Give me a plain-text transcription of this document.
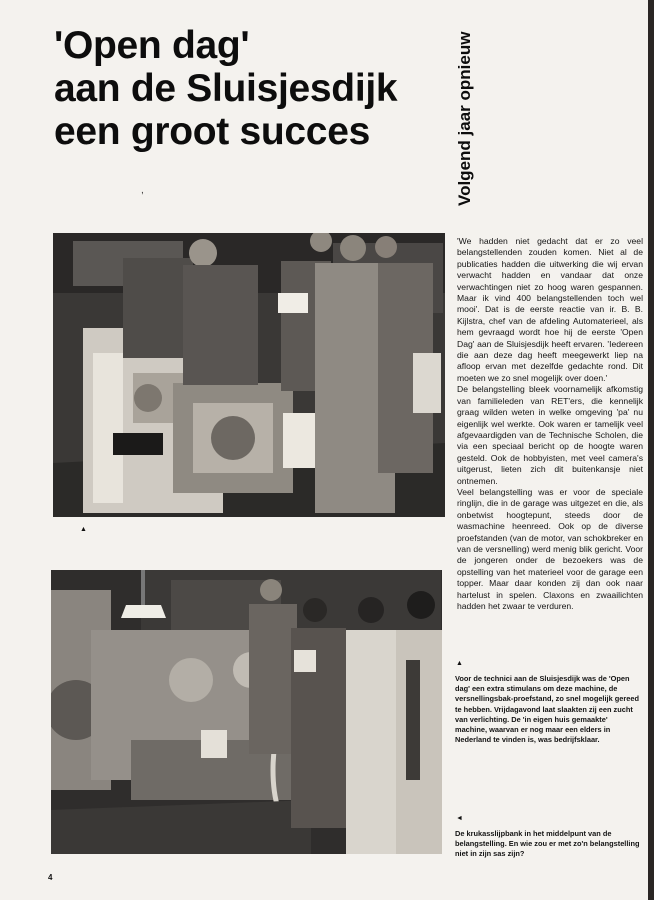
'Open dag'
aan de Sluisjesdijk
een groot succes	Volgend jaar opnieuw
,
▲

'We hadden niet gedacht dat er zo veel belangstellenden zouden komen. Niet al de publicaties hadden die uitwerking die wij ervan verwacht hadden en vandaar dat onze verwachtingen niet zo hoog waren gespannen. Maar ik vind 400 belangstellenden toch wel mooi'. Dat is de eerste reactie van ir. B. B. Kijlstra, chef van de afdeling Automaterieel, als hem gevraagd wordt hoe hij de eerste 'Open Dag' aan de Sluisjesdijk heeft ervaren. 'Iedereen die aan deze dag heeft meegewerkt liep na afloop ervan met dezelfde gedachte rond. Dit moeten we zo snel mogelijk over doen.'

De belangstelling bleek voornamelijk afkomstig van familieleden van RET'ers, die kennelijk graag wilden weten in welke omgeving 'pa' nu eigenlijk wel werkte. Ook waren er tamelijk veel afgevaardigden van de Technische Scholen, die via een speciaal bericht op de hoogte waren gesteld. Ook de hobbyisten, met veel camera's uitgerust, lieten zich dit buitenkansje niet ontnemen.

Veel belangstelling was er voor de speciale ringlijn, die in de garage was uitgezet en die, als onbetwist hoogtepunt, steeds door de wasmachine heenreed. Ook op de diverse proefstanden (van de motor, van schokbreker en van de versnelling) werd menig blik gericht. Voor de jongeren onder de bezoekers was de opstelling van het materieel voor de garage een topper. Maar daar konden zij dan ook naar hartelust in spelen. Claxons en zwaailichten hadden het zwaar te verduren.

▲
Voor de technici aan de Sluisjesdijk was de 'Open dag' een extra stimulans om deze machine, de versnellingsbak-proefstand, zo snel mogelijk gereed te hebben. Vrijdagavond laat slaakten zij een zucht van verlichting. De 'in eigen huis gemaakte' machine, waarvan er nog maar een elders in Nederland te vinden is, was bedrijfsklaar.
◄
De krukasslijpbank in het middelpunt van de belangstelling. En wie zou er met zo'n belangstelling niet in zijn sas zijn?
4
